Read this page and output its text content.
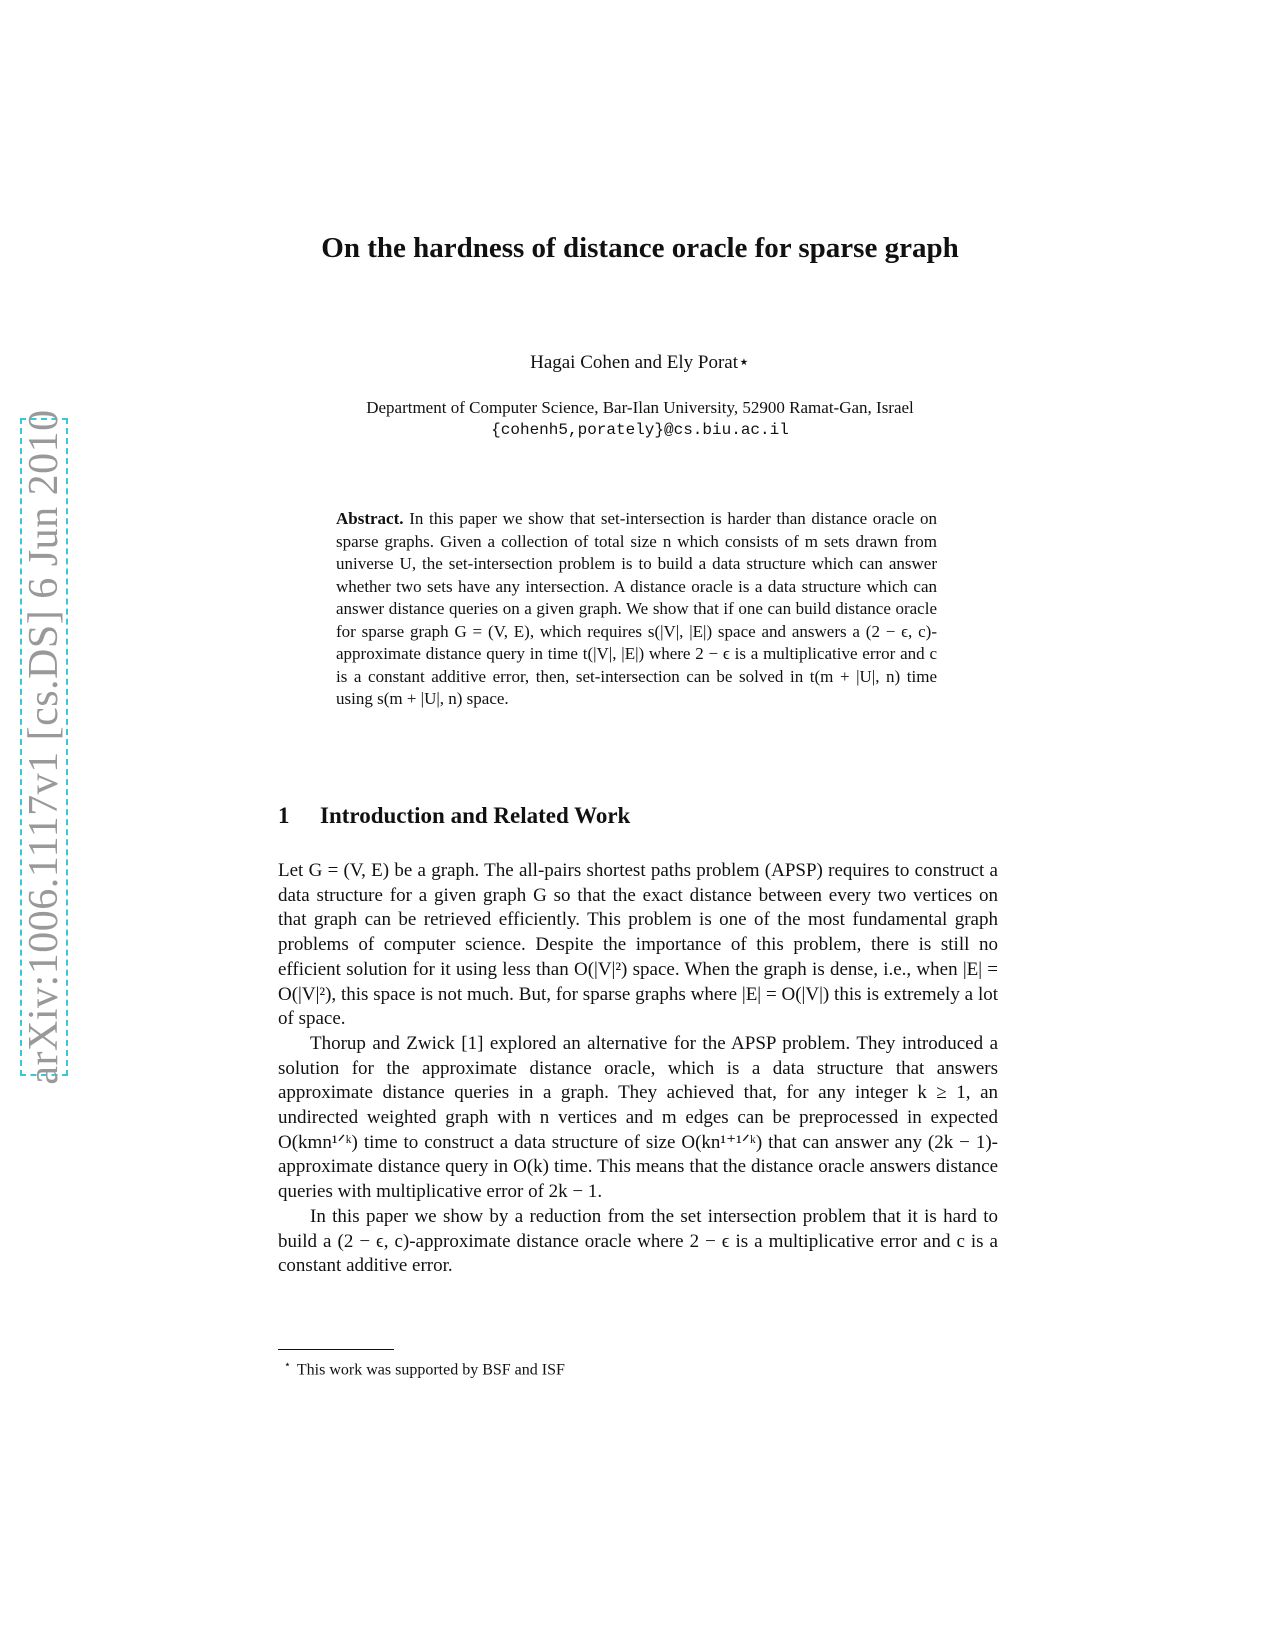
arXiv:1006.1117v1 [cs.DS] 6 Jun 2010
On the hardness of distance oracle for sparse graph
Hagai Cohen and Ely Porat⋆
Department of Computer Science, Bar-Ilan University, 52900 Ramat-Gan, Israel
{cohenh5,porately}@cs.biu.ac.il
Abstract. In this paper we show that set-intersection is harder than distance oracle on sparse graphs. Given a collection of total size n which consists of m sets drawn from universe U, the set-intersection problem is to build a data structure which can answer whether two sets have any intersection. A distance oracle is a data structure which can answer distance queries on a given graph. We show that if one can build distance oracle for sparse graph G = (V, E), which requires s(|V|, |E|) space and answers a (2 − ϵ, c)-approximate distance query in time t(|V|, |E|) where 2 − ϵ is a multiplicative error and c is a constant additive error, then, set-intersection can be solved in t(m + |U|, n) time using s(m + |U|, n) space.
1 Introduction and Related Work

Let G = (V, E) be a graph. The all-pairs shortest paths problem (APSP) requires to construct a data structure for a given graph G so that the exact distance between every two vertices on that graph can be retrieved efficiently. This problem is one of the most fundamental graph problems of computer science. Despite the importance of this problem, there is still no efficient solution for it using less than O(|V|²) space. When the graph is dense, i.e., when |E| = O(|V|²), this space is not much. But, for sparse graphs where |E| = O(|V|) this is extremely a lot of space.

Thorup and Zwick [1] explored an alternative for the APSP problem. They introduced a solution for the approximate distance oracle, which is a data structure that answers approximate distance queries in a graph. They achieved that, for any integer k ≥ 1, an undirected weighted graph with n vertices and m edges can be preprocessed in expected O(kmn¹ᐟᵏ) time to construct a data structure of size O(kn¹⁺¹ᐟᵏ) that can answer any (2k − 1)-approximate distance query in O(k) time. This means that the distance oracle answers distance queries with multiplicative error of 2k − 1.

In this paper we show by a reduction from the set intersection problem that it is hard to build a (2 − ϵ, c)-approximate distance oracle where 2 − ϵ is a multiplicative error and c is a constant additive error.

⋆ This work was supported by BSF and ISF
